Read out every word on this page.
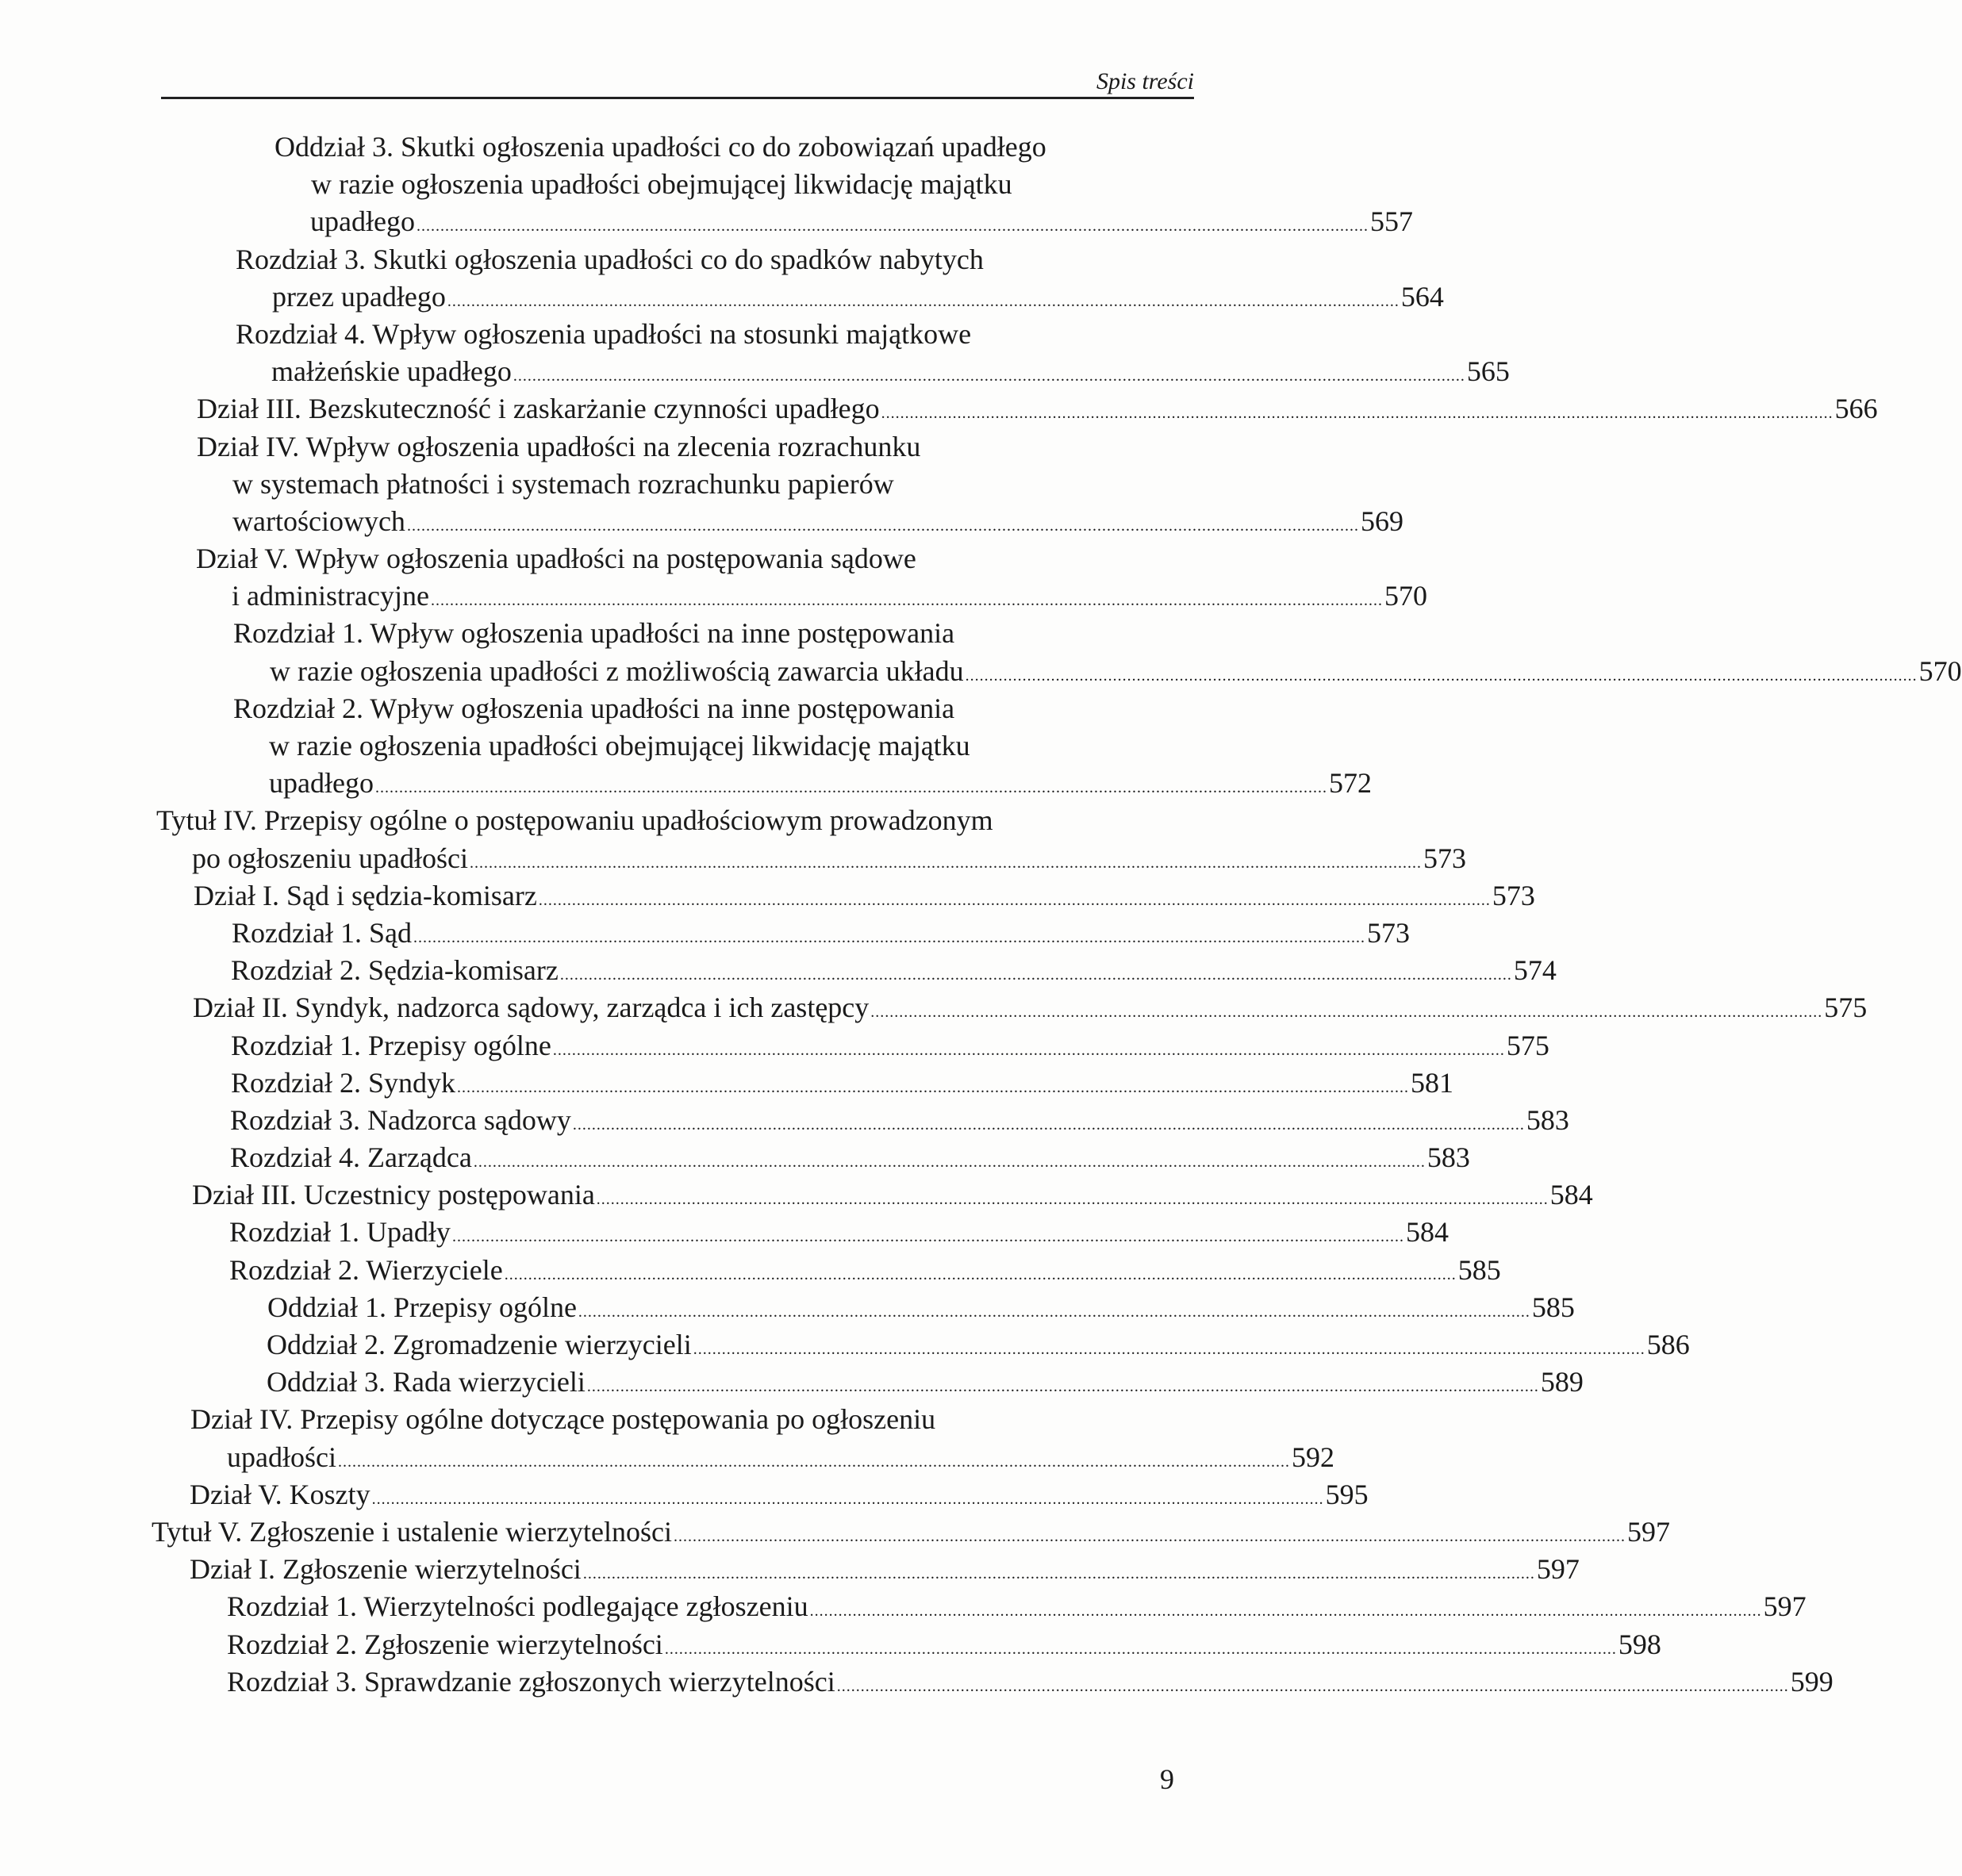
Spis treści
Oddział 3. Skutki ogłoszenia upadłości co do zobowiązań upadłego
w razie ogłoszenia upadłości obejmującej likwidację majątku
upadłego ........................................................................................................................................................................................................ 557
Rozdział 3. Skutki ogłoszenia upadłości co do spadków nabytych
przez upadłego ........................................................................................................................................................................................................ 564
Rozdział 4. Wpływ ogłoszenia upadłości na stosunki majątkowe
małżeńskie upadłego ........................................................................................................................................................................................................ 565
Dział III. Bezskuteczność i zaskarżanie czynności upadłego ........................................................................................................................................................................................................ 566
Dział IV. Wpływ ogłoszenia upadłości na zlecenia rozrachunku
w systemach płatności i systemach rozrachunku papierów
wartościowych ........................................................................................................................................................................................................ 569
Dział V. Wpływ ogłoszenia upadłości na postępowania sądowe
i administracyjne ........................................................................................................................................................................................................ 570
Rozdział 1. Wpływ ogłoszenia upadłości na inne postępowania
w razie ogłoszenia upadłości z możliwością zawarcia układu ........................................................................................................................................................................................................ 570
Rozdział 2. Wpływ ogłoszenia upadłości na inne postępowania
w razie ogłoszenia upadłości obejmującej likwidację majątku
upadłego ........................................................................................................................................................................................................ 572
Tytuł IV. Przepisy ogólne o postępowaniu upadłościowym prowadzonym
po ogłoszeniu upadłości ........................................................................................................................................................................................................ 573
Dział I. Sąd i sędzia-komisarz ........................................................................................................................................................................................................ 573
Rozdział 1. Sąd ........................................................................................................................................................................................................ 573
Rozdział 2. Sędzia-komisarz ........................................................................................................................................................................................................ 574
Dział II. Syndyk, nadzorca sądowy, zarządca i ich zastępcy ........................................................................................................................................................................................................ 575
Rozdział 1. Przepisy ogólne ........................................................................................................................................................................................................ 575
Rozdział 2. Syndyk ........................................................................................................................................................................................................ 581
Rozdział 3. Nadzorca sądowy ........................................................................................................................................................................................................ 583
Rozdział 4. Zarządca ........................................................................................................................................................................................................ 583
Dział III. Uczestnicy postępowania ........................................................................................................................................................................................................ 584
Rozdział 1. Upadły ........................................................................................................................................................................................................ 584
Rozdział 2. Wierzyciele ........................................................................................................................................................................................................ 585
Oddział 1. Przepisy ogólne ........................................................................................................................................................................................................ 585
Oddział 2. Zgromadzenie wierzycieli ........................................................................................................................................................................................................ 586
Oddział 3. Rada wierzycieli ........................................................................................................................................................................................................ 589
Dział IV. Przepisy ogólne dotyczące postępowania po ogłoszeniu
upadłości ........................................................................................................................................................................................................ 592
Dział V. Koszty ........................................................................................................................................................................................................ 595
Tytuł V. Zgłoszenie i ustalenie wierzytelności ........................................................................................................................................................................................................ 597
Dział I. Zgłoszenie wierzytelności ........................................................................................................................................................................................................ 597
Rozdział 1. Wierzytelności podlegające zgłoszeniu ........................................................................................................................................................................................................ 597
Rozdział 2. Zgłoszenie wierzytelności ........................................................................................................................................................................................................ 598
Rozdział 3. Sprawdzanie zgłoszonych wierzytelności ........................................................................................................................................................................................................ 599
9
